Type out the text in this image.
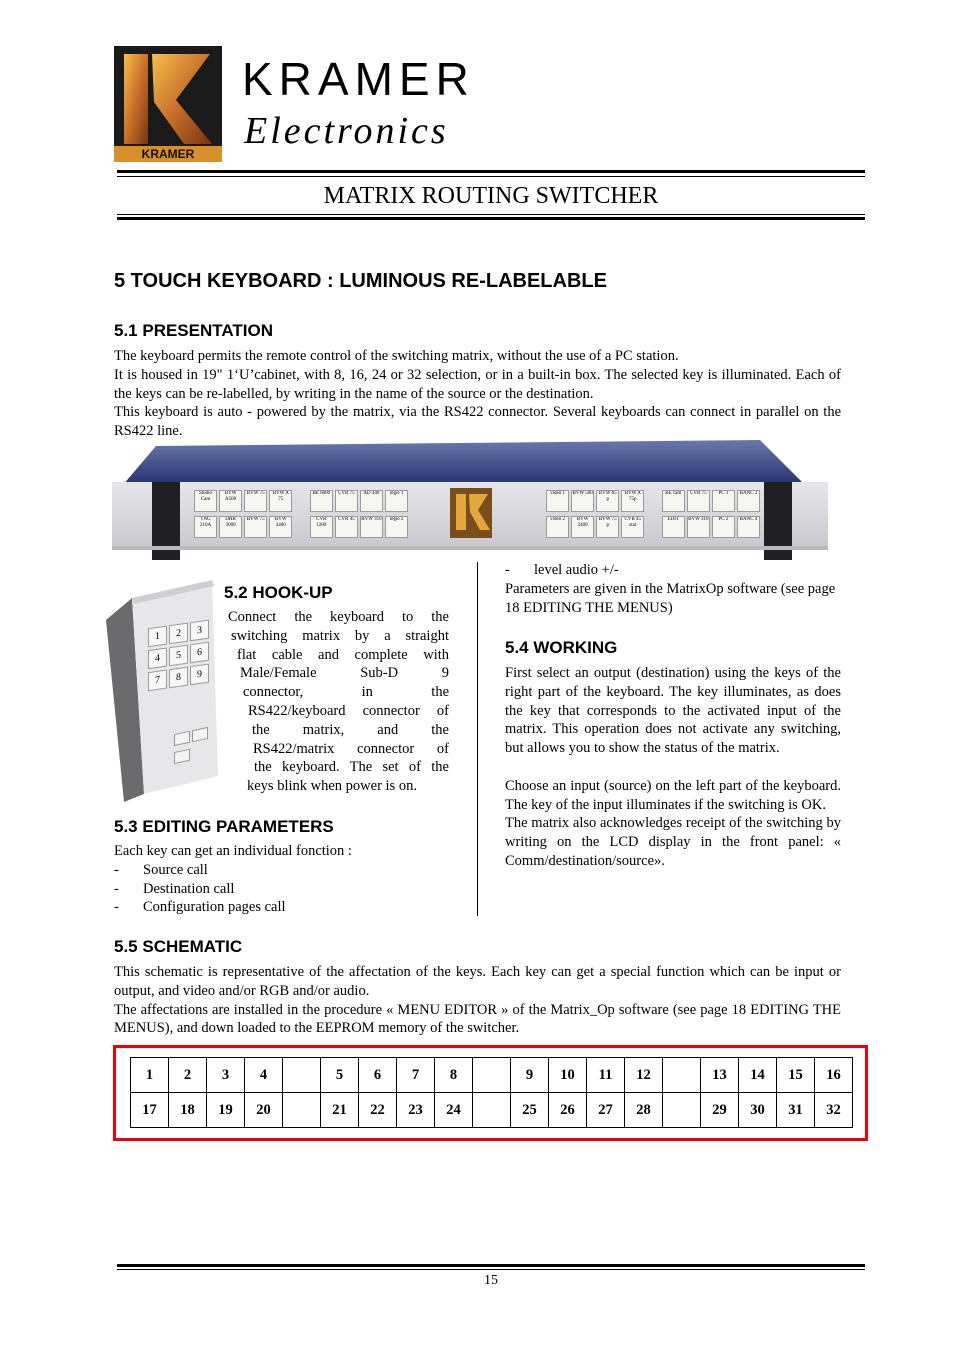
KRAMER
KRAMER
Electronics
MATRIX ROUTING SWITCHER
5 TOUCH KEYBOARD : LUMINOUS RE-LABELABLE
5.1 PRESENTATION

The keyboard permits the remote control of the switching matrix, without the use of a PC station.

It is housed in 19" 1‘U’cabinet, with 8, 16, 24 or 32 selection, or in a built-in box. The selected key is illuminated. Each of the keys can be re-labelled, by writing in the name of the source or the destination.

This keyboard is auto - powered by the matrix, via the RS422 connector. Several keyboards can connect in parallel on the RS422 line.

Studio Cam
BVW A500
BVW 75	BVW A 75
BE 6000	CVR 75	AD 440	regie 1
TNG 210A
DHK 3000
BVW 75	BVW 3400
CVR 1200
CVR 45	BVW 310	regie 2
video 1	BVW 500	BVW 65 p
BVW A 75p
BE cam	CVR 75	PC 1	BANC 2
video 2	BVW 3400
BVW 75 p
CVR 45 stat
EDIT	BVW 310	PC 2	BANC 4
1	2	3
4	5	6
7	8	9
5.2 HOOK-UP
Connect the keyboard to the
switching matrix by a straight
flat cable and complete with
Male/Female Sub-D 9
connector, in the
RS422/keyboard connector of
the matrix, and the
RS422/matrix connector of
the keyboard. The set of the
keys blink when power is on.
5.3 EDITING PARAMETERS

Each key can get an individual fonction :

- Source call
- Destination call
- Configuration pages call
- level audio +/-

Parameters are given in the MatrixOp software (see page 18 EDITING THE MENUS)

5.4 WORKING

First select an output (destination) using the keys of the right part of the keyboard. The key illuminates, as does the key that corresponds to the activated input of the matrix. This operation does not activate any switching, but allows you to show the status of the matrix.

Choose an input (source) on the left part of the keyboard. The key of the input illuminates if the switching is OK.

The matrix also acknowledges receipt of the switching by writing on the LCD display in the front panel: « Comm/destination/source».

5.5 SCHEMATIC

This schematic is representative of the affectation of the keys. Each key can get a special function which can be input or output, and video and/or RGB and/or audio.

The affectations are installed in the procedure « MENU EDITOR » of the Matrix_Op software (see page 18 EDITING THE MENUS), and down loaded to the EEPROM memory of the switcher.

1	2	3	4		5	6	7	8		9	10	11	12		13	14	15	16
17	18	19	20		21	22	23	24		25	26	27	28		29	30	31	32
15
